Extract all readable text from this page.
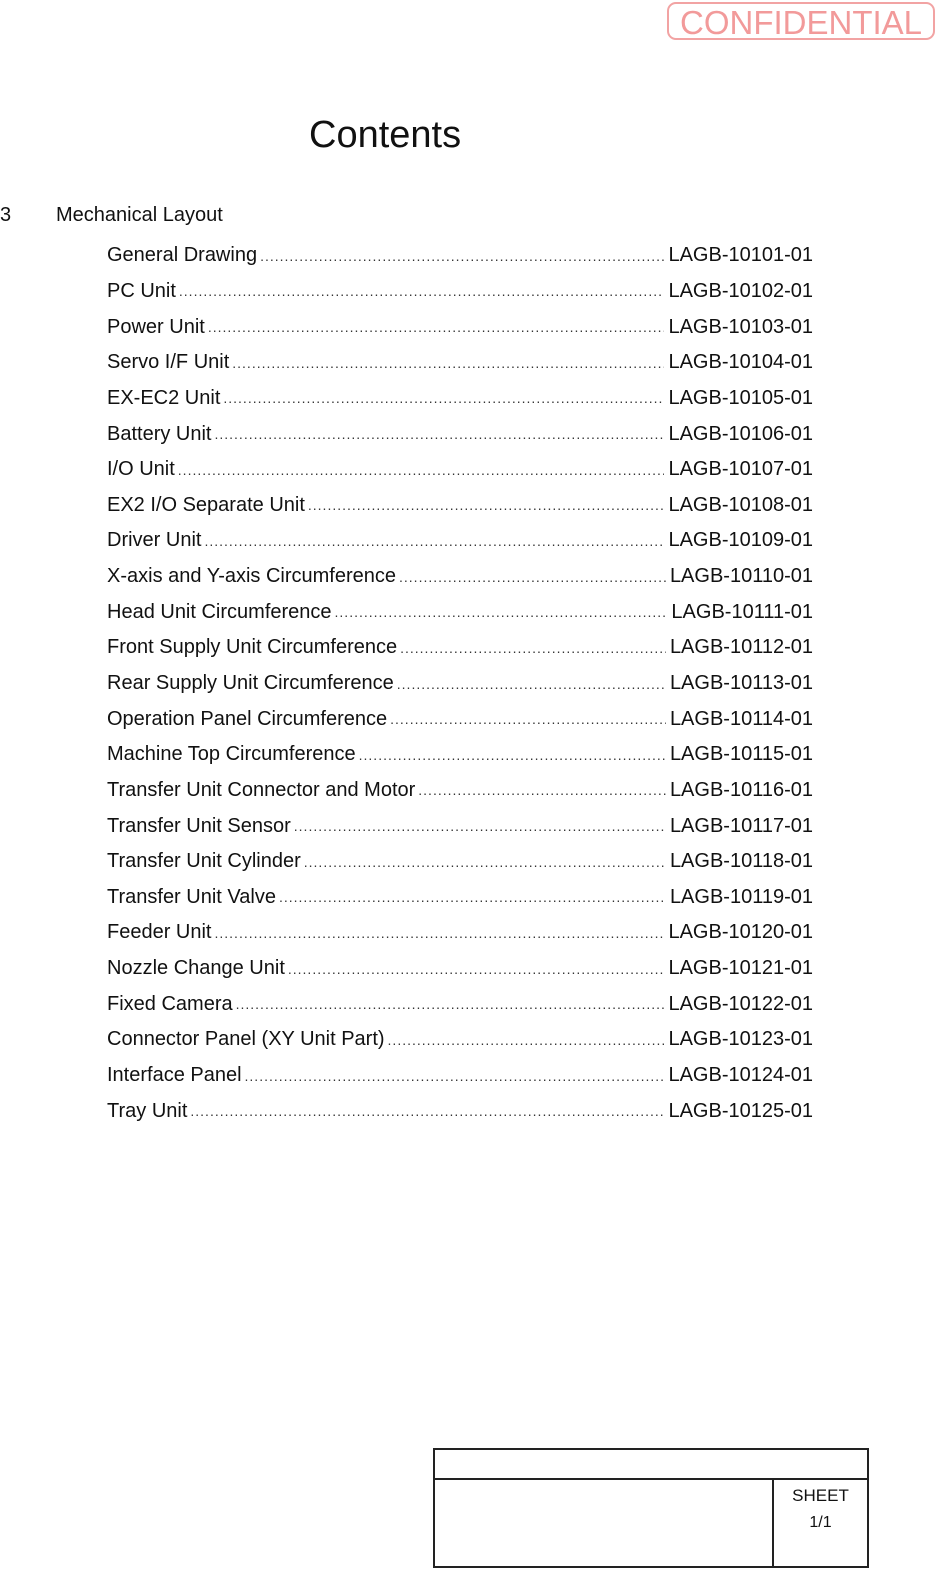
CONFIDENTIAL
Contents
3 Mechanical Layout
General Drawing .....	LAGB-10101-01
PC Unit .....	LAGB-10102-01
Power Unit .....	LAGB-10103-01
Servo I/F Unit .....	LAGB-10104-01
EX-EC2 Unit .....	LAGB-10105-01
Battery Unit .....	LAGB-10106-01
I/O Unit .....	LAGB-10107-01
EX2 I/O Separate Unit .....	LAGB-10108-01
Driver Unit .....	LAGB-10109-01
X-axis and Y-axis Circumference .....	LAGB-10110-01
Head Unit Circumference .....	LAGB-10111-01
Front Supply Unit Circumference .....	LAGB-10112-01
Rear Supply Unit Circumference .....	LAGB-10113-01
Operation Panel Circumference .....	LAGB-10114-01
Machine Top Circumference .....	LAGB-10115-01
Transfer Unit Connector and Motor .....	LAGB-10116-01
Transfer Unit Sensor .....	LAGB-10117-01
Transfer Unit Cylinder .....	LAGB-10118-01
Transfer Unit Valve .....	LAGB-10119-01
Feeder Unit .....	LAGB-10120-01
Nozzle Change Unit .....	LAGB-10121-01
Fixed Camera .....	LAGB-10122-01
Connector Panel (XY Unit Part) .....	LAGB-10123-01
Interface Panel .....	LAGB-10124-01
Tray Unit .....	LAGB-10125-01
SHEET
1/1
